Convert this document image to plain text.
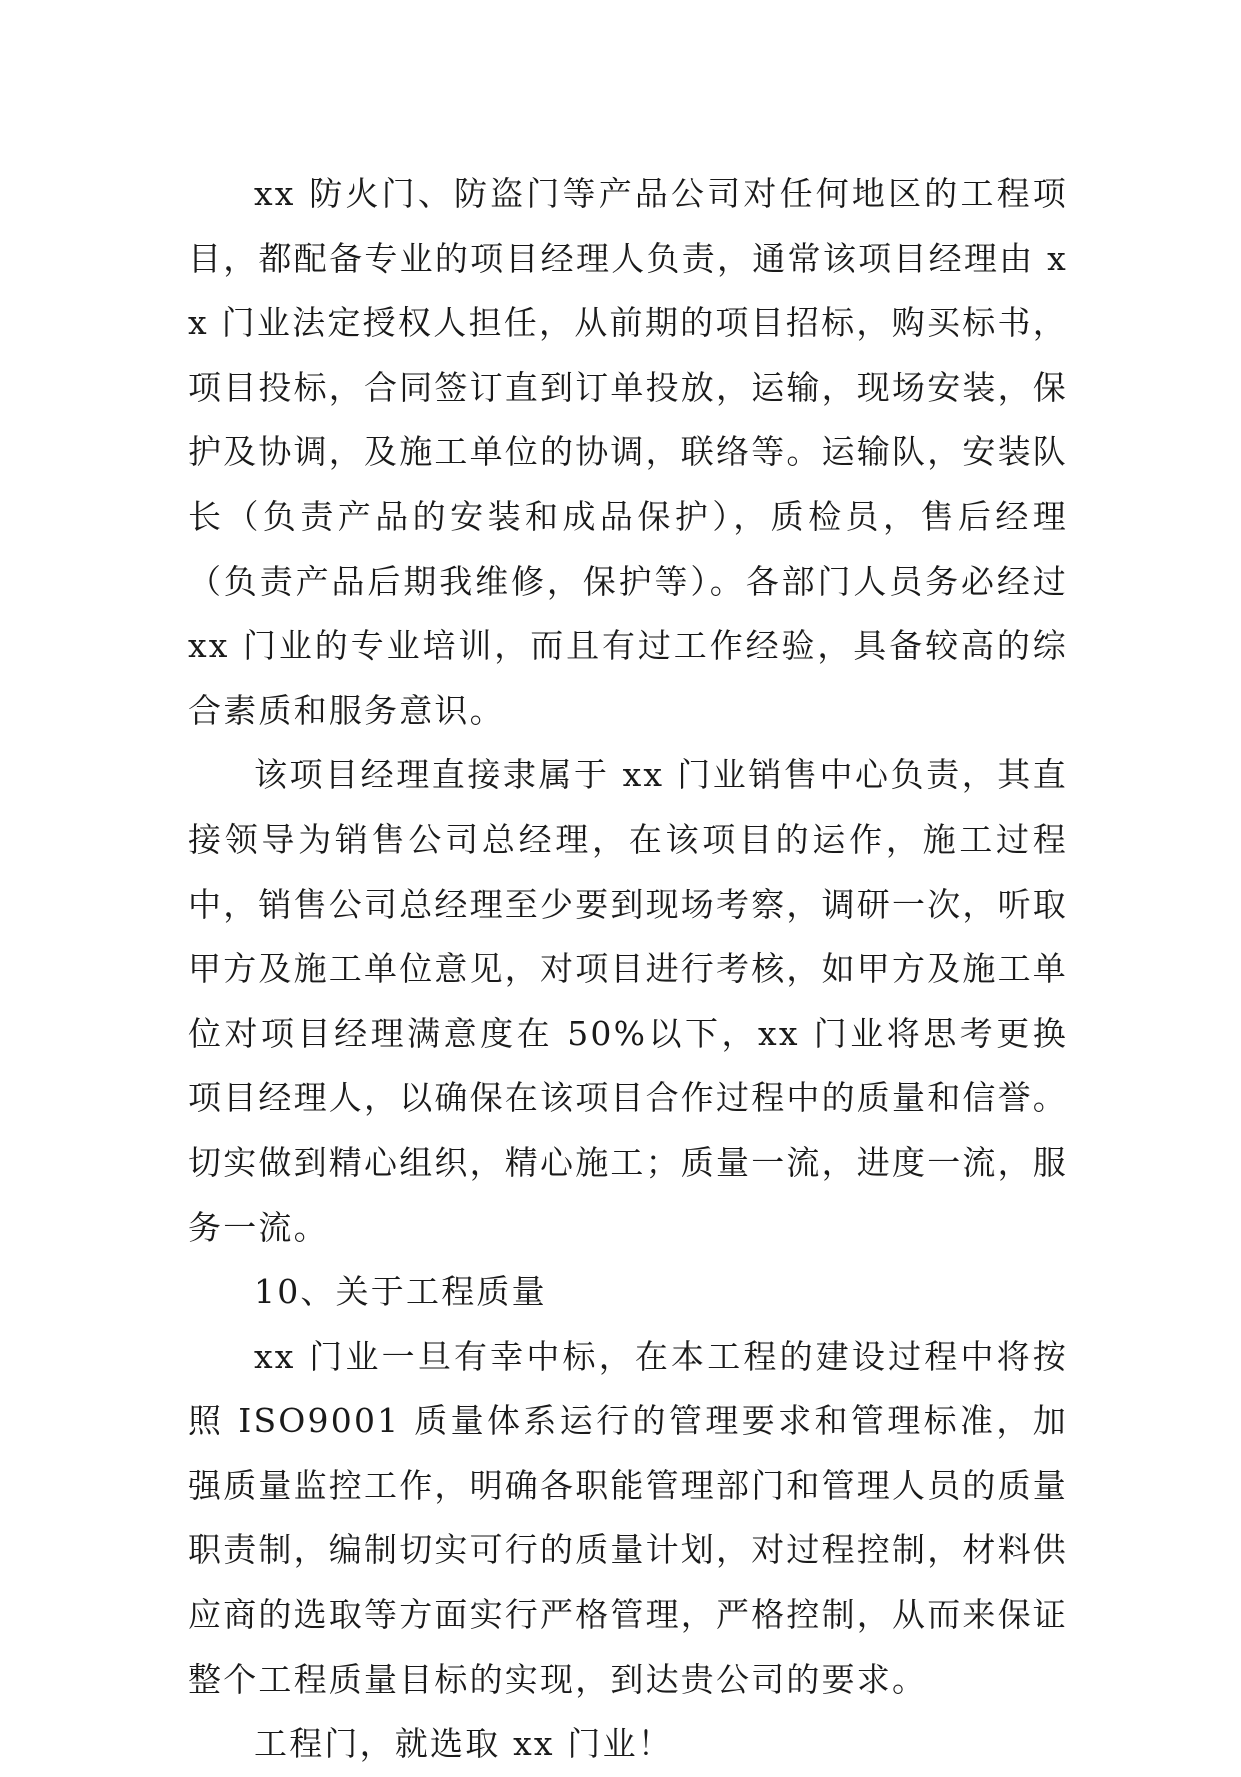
xx 防火门、防盗门等产品公司对任何地区的工程项目，都配备专业的项目经理人负责，通常该项目经理由 xx 门业法定授权人担任，从前期的项目招标，购买标书，项目投标，合同签订直到订单投放，运输，现场安装，保护及协调，及施工单位的协调，联络等。运输队，安装队长（负责产品的安装和成品保护），质检员，售后经理（负责产品后期我维修，保护等）。各部门人员务必经过 xx 门业的专业培训，而且有过工作经验，具备较高的综合素质和服务意识。

该项目经理直接隶属于 xx 门业销售中心负责，其直接领导为销售公司总经理，在该项目的运作，施工过程中，销售公司总经理至少要到现场考察，调研一次，听取甲方及施工单位意见，对项目进行考核，如甲方及施工单位对项目经理满意度在 50%以下，xx 门业将思考更换项目经理人，以确保在该项目合作过程中的质量和信誉。切实做到精心组织，精心施工；质量一流，进度一流，服务一流。

10、关于工程质量

xx 门业一旦有幸中标，在本工程的建设过程中将按照 ISO9001 质量体系运行的管理要求和管理标准，加强质量监控工作，明确各职能管理部门和管理人员的质量职责制，编制切实可行的质量计划，对过程控制，材料供应商的选取等方面实行严格管理，严格控制，从而来保证整个工程质量目标的实现，到达贵公司的要求。

工程门，就选取 xx 门业！
